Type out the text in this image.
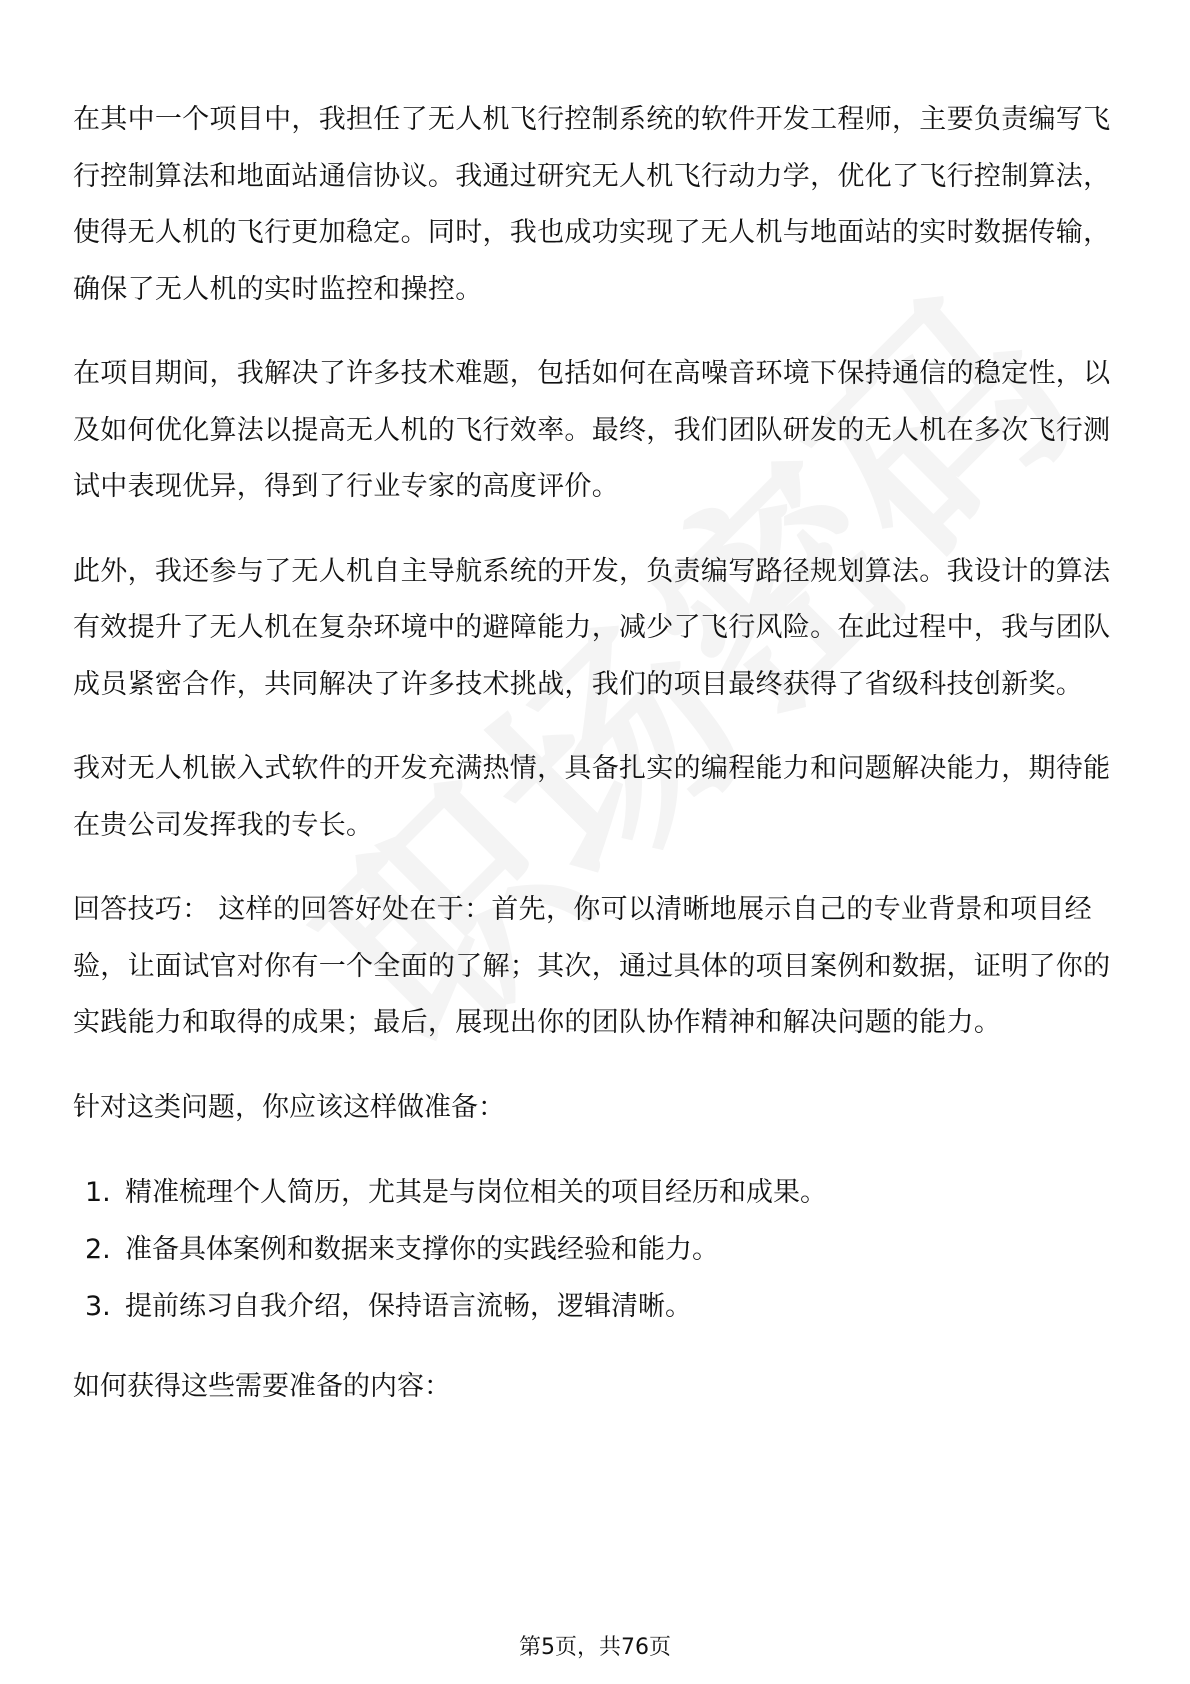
在其中一个项目中，我担任了无人机飞行控制系统的软件开发工程师，主要负责编写飞行控制算法和地面站通信协议。我通过研究无人机飞行动力学，优化了飞行控制算法，使得无人机的飞行更加稳定。同时，我也成功实现了无人机与地面站的实时数据传输，确保了无人机的实时监控和操控。

在项目期间，我解决了许多技术难题，包括如何在高噪音环境下保持通信的稳定性，以及如何优化算法以提高无人机的飞行效率。最终，我们团队研发的无人机在多次飞行测试中表现优异，得到了行业专家的高度评价。

此外，我还参与了无人机自主导航系统的开发，负责编写路径规划算法。我设计的算法有效提升了无人机在复杂环境中的避障能力，减少了飞行风险。在此过程中，我与团队成员紧密合作，共同解决了许多技术挑战，我们的项目最终获得了省级科技创新奖。

我对无人机嵌入式软件的开发充满热情，具备扎实的编程能力和问题解决能力，期待能在贵公司发挥我的专长。

回答技巧： 这样的回答好处在于：首先，你可以清晰地展示自己的专业背景和项目经验，让面试官对你有一个全面的了解；其次，通过具体的项目案例和数据，证明了你的实践能力和取得的成果；最后，展现出你的团队协作精神和解决问题的能力。

针对这类问题，你应该这样做准备：

1. 精准梳理个人简历，尤其是与岗位相关的项目经历和成果。
2. 准备具体案例和数据来支撑你的实践经验和能力。
3. 提前练习自我介绍，保持语言流畅，逻辑清晰。

如何获得这些需要准备的内容：

第5页，共76页
